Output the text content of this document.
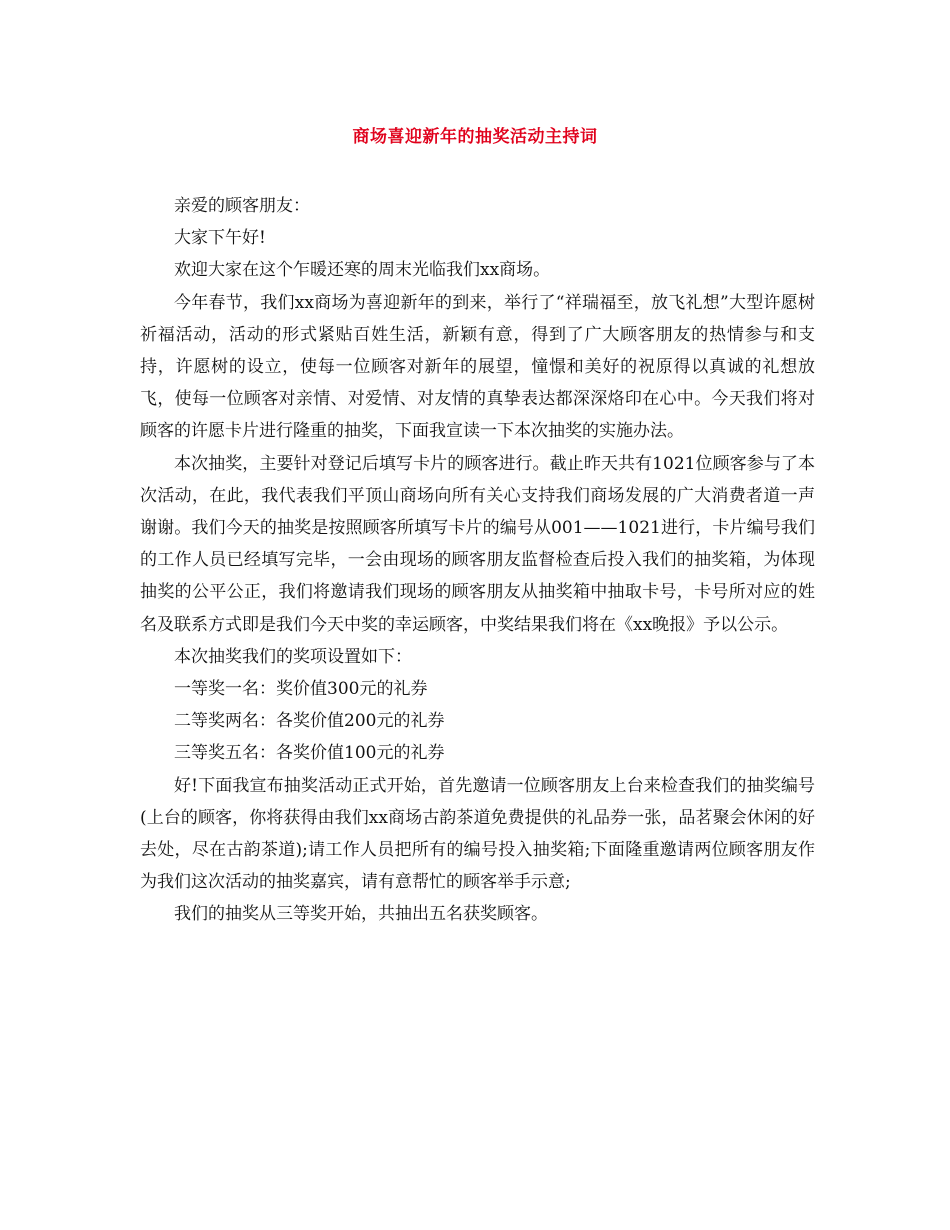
商场喜迎新年的抽奖活动主持词

亲爱的顾客朋友：

大家下午好!

欢迎大家在这个乍暖还寒的周末光临我们xx商场。

今年春节，我们xx商场为喜迎新年的到来，举行了“祥瑞福至，放飞礼想”大型许愿树祈福活动，活动的形式紧贴百姓生活，新颖有意，得到了广大顾客朋友的热情参与和支持，许愿树的设立，使每一位顾客对新年的展望，憧憬和美好的祝原得以真诚的礼想放飞，使每一位顾客对亲情、对爱情、对友情的真挚表达都深深烙印在心中。今天我们将对顾客的许愿卡片进行隆重的抽奖，下面我宣读一下本次抽奖的实施办法。

本次抽奖，主要针对登记后填写卡片的顾客进行。截止昨天共有1021位顾客参与了本次活动，在此，我代表我们平顶山商场向所有关心支持我们商场发展的广大消费者道一声谢谢。我们今天的抽奖是按照顾客所填写卡片的编号从001——1021进行，卡片编号我们的工作人员已经填写完毕，一会由现场的顾客朋友监督检查后投入我们的抽奖箱，为体现抽奖的公平公正，我们将邀请我们现场的顾客朋友从抽奖箱中抽取卡号，卡号所对应的姓名及联系方式即是我们今天中奖的幸运顾客，中奖结果我们将在《xx晚报》予以公示。

本次抽奖我们的奖项设置如下：

一等奖一名：奖价值300元的礼券

二等奖两名：各奖价值200元的礼券

三等奖五名：各奖价值100元的礼券

好!下面我宣布抽奖活动正式开始，首先邀请一位顾客朋友上台来检查我们的抽奖编号(上台的顾客，你将获得由我们xx商场古韵茶道免费提供的礼品券一张，品茗聚会休闲的好去处，尽在古韵茶道);请工作人员把所有的编号投入抽奖箱;下面隆重邀请两位顾客朋友作为我们这次活动的抽奖嘉宾，请有意帮忙的顾客举手示意;

我们的抽奖从三等奖开始，共抽出五名获奖顾客。
